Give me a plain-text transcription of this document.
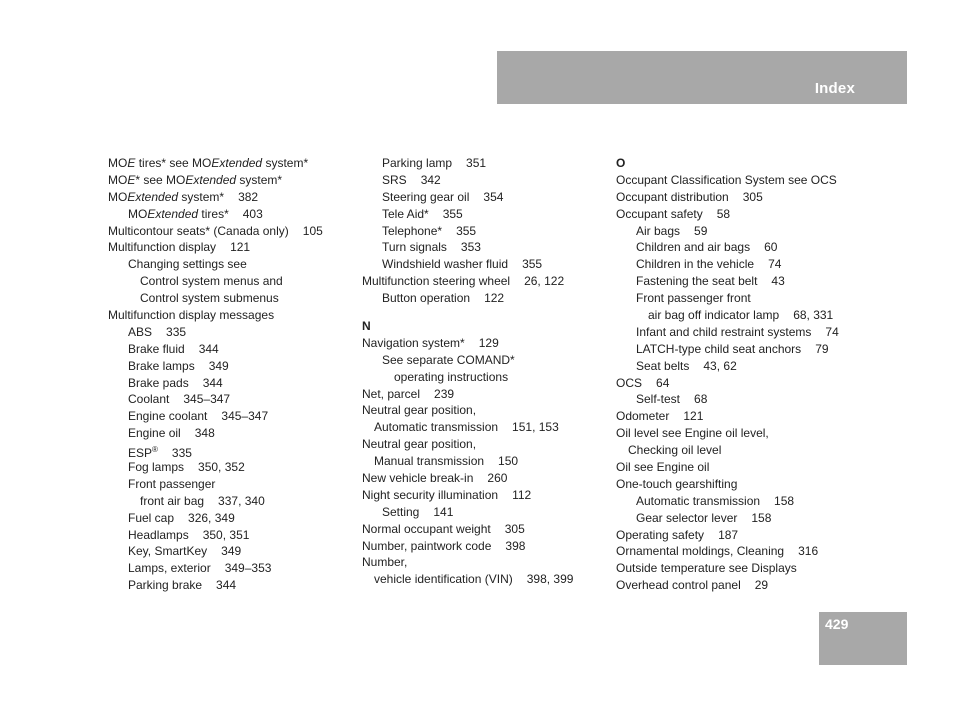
Index
MOE tires* see MOExtended system*
MOE* see MOExtended system*
MOExtended system* 382
MOExtended tires* 403
Multicontour seats* (Canada only) 105
Multifunction display 121
Changing settings see
Control system menus and
Control system submenus
Multifunction display messages
ABS 335
Brake fluid 344
Brake lamps 349
Brake pads 344
Coolant 345–347
Engine coolant 345–347
Engine oil 348
ESP® 335
Fog lamps 350, 352
Front passenger
front air bag 337, 340
Fuel cap 326, 349
Headlamps 350, 351
Key, SmartKey 349
Lamps, exterior 349–353
Parking brake 344
Parking lamp 351
SRS 342
Steering gear oil 354
Tele Aid* 355
Telephone* 355
Turn signals 353
Windshield washer fluid 355
Multifunction steering wheel 26, 122
Button operation 122
N
Navigation system* 129
See separate COMAND*
operating instructions
Net, parcel 239
Neutral gear position,
Automatic transmission 151, 153
Neutral gear position,
Manual transmission 150
New vehicle break-in 260
Night security illumination 112
Setting 141
Normal occupant weight 305
Number, paintwork code 398
Number,
vehicle identification (VIN) 398, 399
O
Occupant Classification System see OCS
Occupant distribution 305
Occupant safety 58
Air bags 59
Children and air bags 60
Children in the vehicle 74
Fastening the seat belt 43
Front passenger front
air bag off indicator lamp 68, 331
Infant and child restraint systems 74
LATCH-type child seat anchors 79
Seat belts 43, 62
OCS 64
Self-test 68
Odometer 121
Oil level see Engine oil level,
Checking oil level
Oil see Engine oil
One-touch gearshifting
Automatic transmission 158
Gear selector lever 158
Operating safety 187
Ornamental moldings, Cleaning 316
Outside temperature see Displays
Overhead control panel 29
429
